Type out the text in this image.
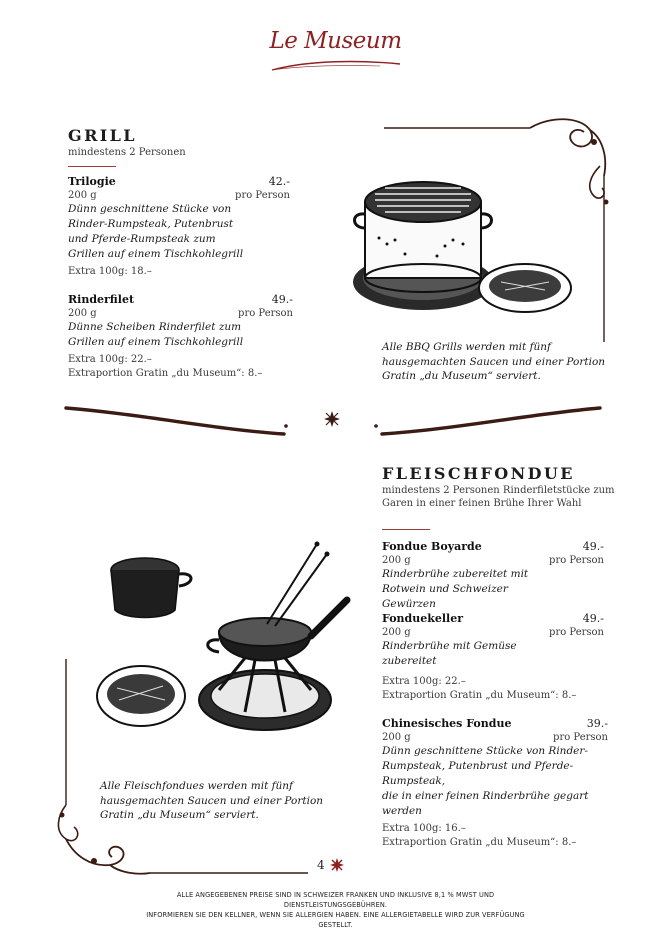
Le Museum
GRILL
mindestens 2 Personen
Trilogie	42.-
200 g	pro Person
Dünn geschnittene Stücke von
Rinder-Rumpsteak, Putenbrust
und Pferde-Rumpsteak zum
Grillen auf einem Tischkohlegrill
Extra 100g: 18.–
Rinderfilet	49.-
200 g	pro Person
Dünne Scheiben Rinderfilet zum
Grillen auf einem Tischkohlegrill
Extra 100g: 22.–
Extraportion Gratin „du Museum“: 8.–
Alle BBQ Grills werden mit fünf
hausgemachten Saucen und einer Portion
Gratin „du Museum“ serviert.
FLEISCHFONDUE
mindestens 2 Personen Rinderfiletstücke zum
Garen in einer feinen Brühe Ihrer Wahl
Fondue Boyarde	49.-
200 g	pro Person
Rinderbrühe zubereitet mit
Rotwein und Schweizer
Gewürzen
Fonduekeller	49.-
200 g	pro Person
Rinderbrühe mit Gemüse
zubereitet
Extra 100g: 22.–
Extraportion Gratin „du Museum“: 8.–
Chinesisches Fondue	39.-
200 g	pro Person
Dünn geschnittene Stücke von Rinder-
Rumpsteak, Putenbrust und Pferde-Rumpsteak,
die in einer feinen Rinderbrühe gegart werden
Extra 100g: 16.–
Extraportion Gratin „du Museum“: 8.–
Alle Fleischfondues werden mit fünf
hausgemachten Saucen und einer Portion
Gratin „du Museum“ serviert.
4
ALLE ANGEGEBENEN PREISE SIND IN SCHWEIZER FRANKEN UND INKLUSIVE 8,1 % MWST UND
DIENSTLEISTUNGSGEBÜHREN.
INFORMIEREN SIE DEN KELLNER, WENN SIE ALLERGIEN HABEN. EINE ALLERGIETABELLE WIRD ZUR VERFÜGUNG
GESTELLT.
